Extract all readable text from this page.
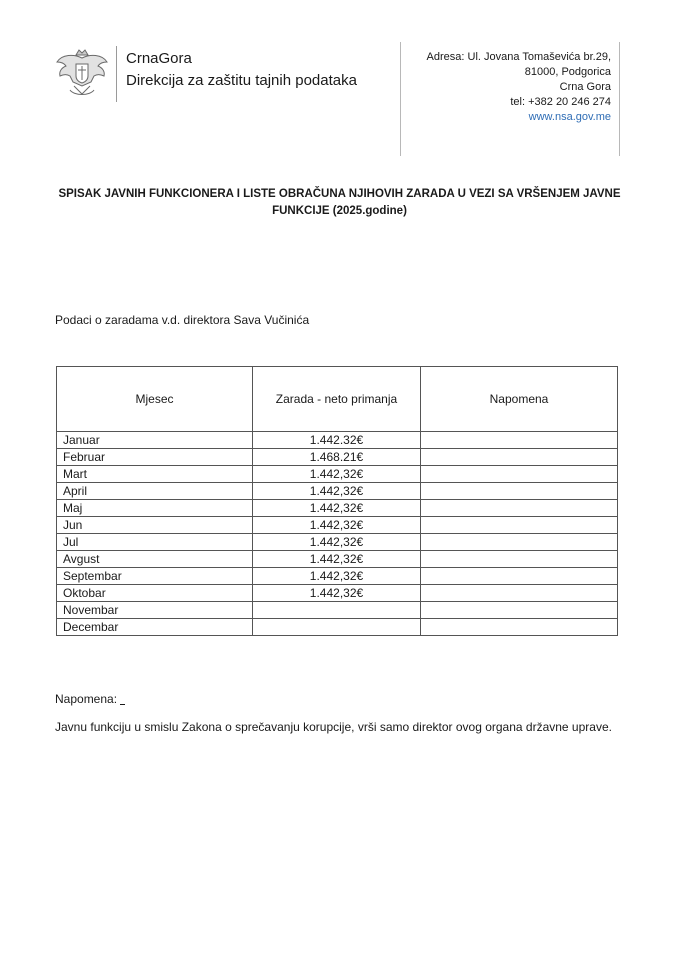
CrnaGora
Direkcija za zaštitu tajnih podataka
Adresa: Ul. Jovana Tomaševića br.29,
81000, Podgorica
Crna Gora
tel: +382 20 246 274
www.nsa.gov.me
SPISAK JAVNIH FUNKCIONERA I LISTE OBRAČUNA NJIHOVIH ZARADA U VEZI SA VRŠENJEM JAVNE FUNKCIJE (2025.godine)
Podaci o zaradama v.d. direktora Sava Vučinića
Mjesec	Zarada - neto primanja	Napomena
Januar	1.442.32€	
Februar	1.468.21€	
Mart	1.442,32€	
April	1.442,32€	
Maj	1.442,32€	
Jun	1.442,32€	
Jul	1.442,32€	
Avgust	1.442,32€	
Septembar	1.442,32€	
Oktobar	1.442,32€	
Novembar		
Decembar		
Napomena:
Javnu funkciju u smislu Zakona o sprečavanju korupcije, vrši samo direktor ovog organa državne uprave.
